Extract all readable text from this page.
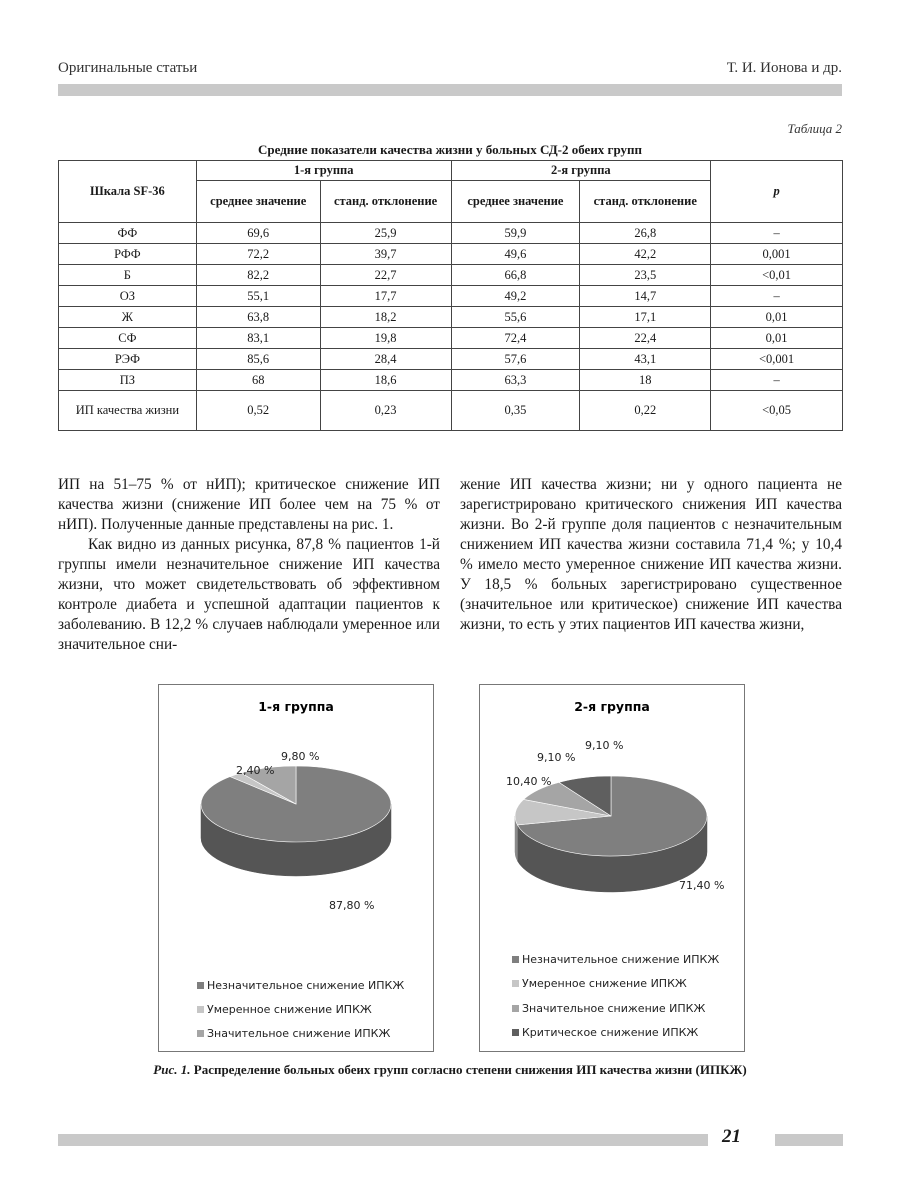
Оригинальные статьи	Т. И. Ионова и др.
Таблица 2
Средние показатели качества жизни у больных СД-2 обеих групп
Шкала SF-36	1-я группа		2-я группа		p
	среднее значение	станд. отклонение	среднее значение	станд. отклонение	
ФФ	69,6	25,9	59,9	26,8	–
РФФ	72,2	39,7	49,6	42,2	0,001
Б	82,2	22,7	66,8	23,5	<0,01
ОЗ	55,1	17,7	49,2	14,7	–
Ж	63,8	18,2	55,6	17,1	0,01
СФ	83,1	19,8	72,4	22,4	0,01
РЭФ	85,6	28,4	57,6	43,1	<0,001
ПЗ	68	18,6	63,3	18	–
ИП качества жизни	0,52	0,23	0,35	0,22	<0,05

ИП на 51–75 % от нИП); критическое снижение ИП качества жизни (снижение ИП более чем на 75 % от нИП). Полученные данные представлены на рис. 1.

Как видно из данных рисунка, 87,8 % пациентов 1-й группы имели незначительное снижение ИП качества жизни, что может свидетельствовать об эффективном контроле диабета и успешной адаптации пациентов к заболеванию. В 12,2 % случаев наблюдали умеренное или значительное сни-

жение ИП качества жизни; ни у одного пациента не зарегистрировано критического снижения ИП качества жизни. Во 2-й группе доля пациентов с незначительным снижением ИП качества жизни составила 71,4 %; у 10,4 % имело место умеренное снижение ИП качества жизни. У 18,5 % больных зарегистрировано существенное (значительное или критическое) снижение ИП качества жизни, то есть у этих пациентов ИП качества жизни,

1-я группа
87,80 %
2,40 %
9,80 %
Незначительное снижение ИПКЖ
Умеренное снижение ИПКЖ
Значительное снижение ИПКЖ
2-я группа
71,40 %
10,40 %
9,10 %
9,10 %
Незначительное снижение ИПКЖ
Умеренное снижение ИПКЖ
Значительное снижение ИПКЖ
Критическое снижение ИПКЖ
Рис. 1. Распределение больных обеих групп согласно степени снижения ИП качества жизни (ИПКЖ)
21
